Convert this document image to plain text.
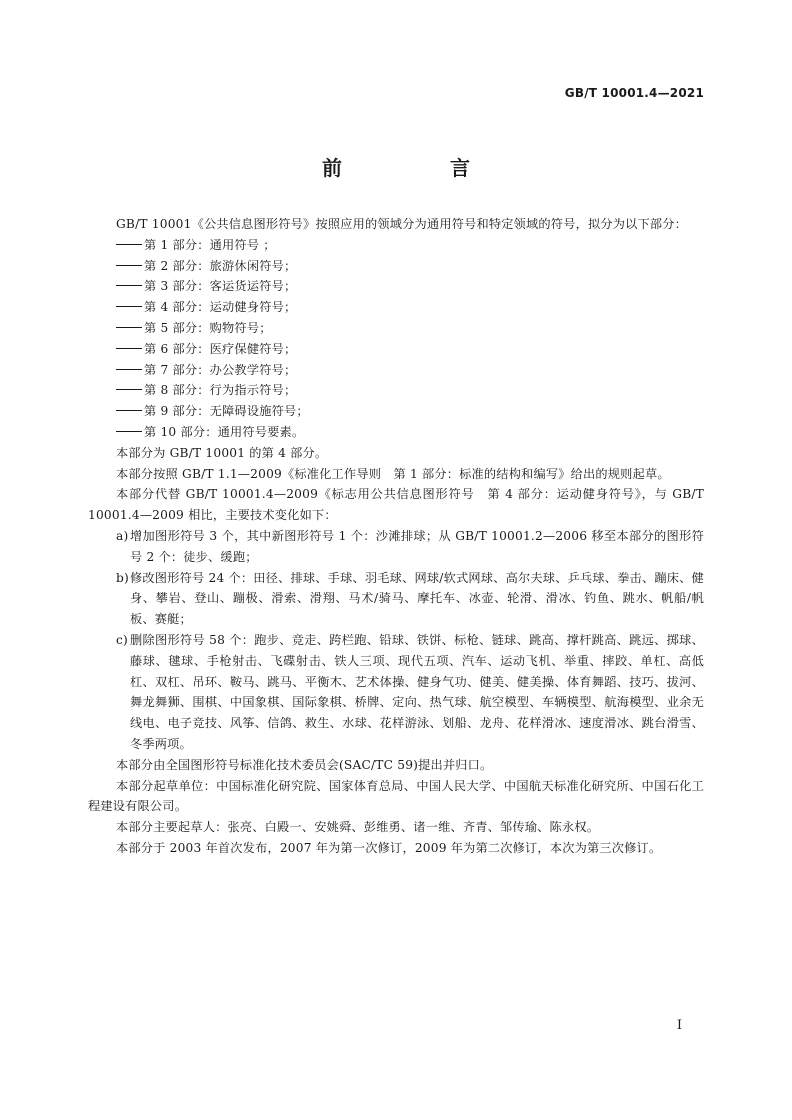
GB/T 10001.4—2021
前　言

GB/T 10001《公共信息图形符号》按照应用的领域分为通用符号和特定领域的符号，拟分为以下部分：

第 1 部分：通用符号 ；

第 2 部分：旅游休闲符号；

第 3 部分：客运货运符号；

第 4 部分：运动健身符号；

第 5 部分：购物符号；

第 6 部分：医疗保健符号；

第 7 部分：办公教学符号；

第 8 部分：行为指示符号；

第 9 部分：无障碍设施符号；

第 10 部分：通用符号要素。

本部分为 GB/T 10001 的第 4 部分。

本部分按照 GB/T 1.1—2009《标准化工作导则　第 1 部分：标准的结构和编写》给出的规则起草。

本部分代替 GB/T 10001.4—2009《标志用公共信息图形符号　第 4 部分：运动健身符号》，与 GB/T 10001.4—2009 相比，主要技术变化如下：

a) 增加图形符号 3 个，其中新图形符号 1 个：沙滩排球；从 GB/T 10001.2—2006 移至本部分的图形符号 2 个：徒步、缓跑；
b) 修改图形符号 24 个：田径、排球、手球、羽毛球、网球/软式网球、高尔夫球、乒乓球、拳击、蹦床、健身、攀岩、登山、蹦极、滑索、滑翔、马术/骑马、摩托车、冰壶、轮滑、滑冰、钓鱼、跳水、帆船/帆板、赛艇；
c) 删除图形符号 58 个：跑步、竞走、跨栏跑、铅球、铁饼、标枪、链球、跳高、撑杆跳高、跳远、掷球、藤球、毽球、手枪射击、飞碟射击、铁人三项、现代五项、汽车、运动飞机、举重、摔跤、单杠、高低杠、双杠、吊环、鞍马、跳马、平衡木、艺术体操、健身气功、健美、健美操、体育舞蹈、技巧、拔河、舞龙舞狮、围棋、中国象棋、国际象棋、桥牌、定向、热气球、航空模型、车辆模型、航海模型、业余无线电、电子竞技、风筝、信鸽、救生、水球、花样游泳、划船、龙舟、花样滑冰、速度滑冰、跳台滑雪、冬季两项。

本部分由全国图形符号标准化技术委员会(SAC/TC 59)提出并归口。

本部分起草单位：中国标准化研究院、国家体育总局、中国人民大学、中国航天标准化研究所、中国石化工程建设有限公司。

本部分主要起草人：张亮、白殿一、安姚舜、彭维勇、诸一维、齐青、邹传瑜、陈永权。

本部分于 2003 年首次发布，2007 年为第一次修订，2009 年为第二次修订，本次为第三次修订。

I
